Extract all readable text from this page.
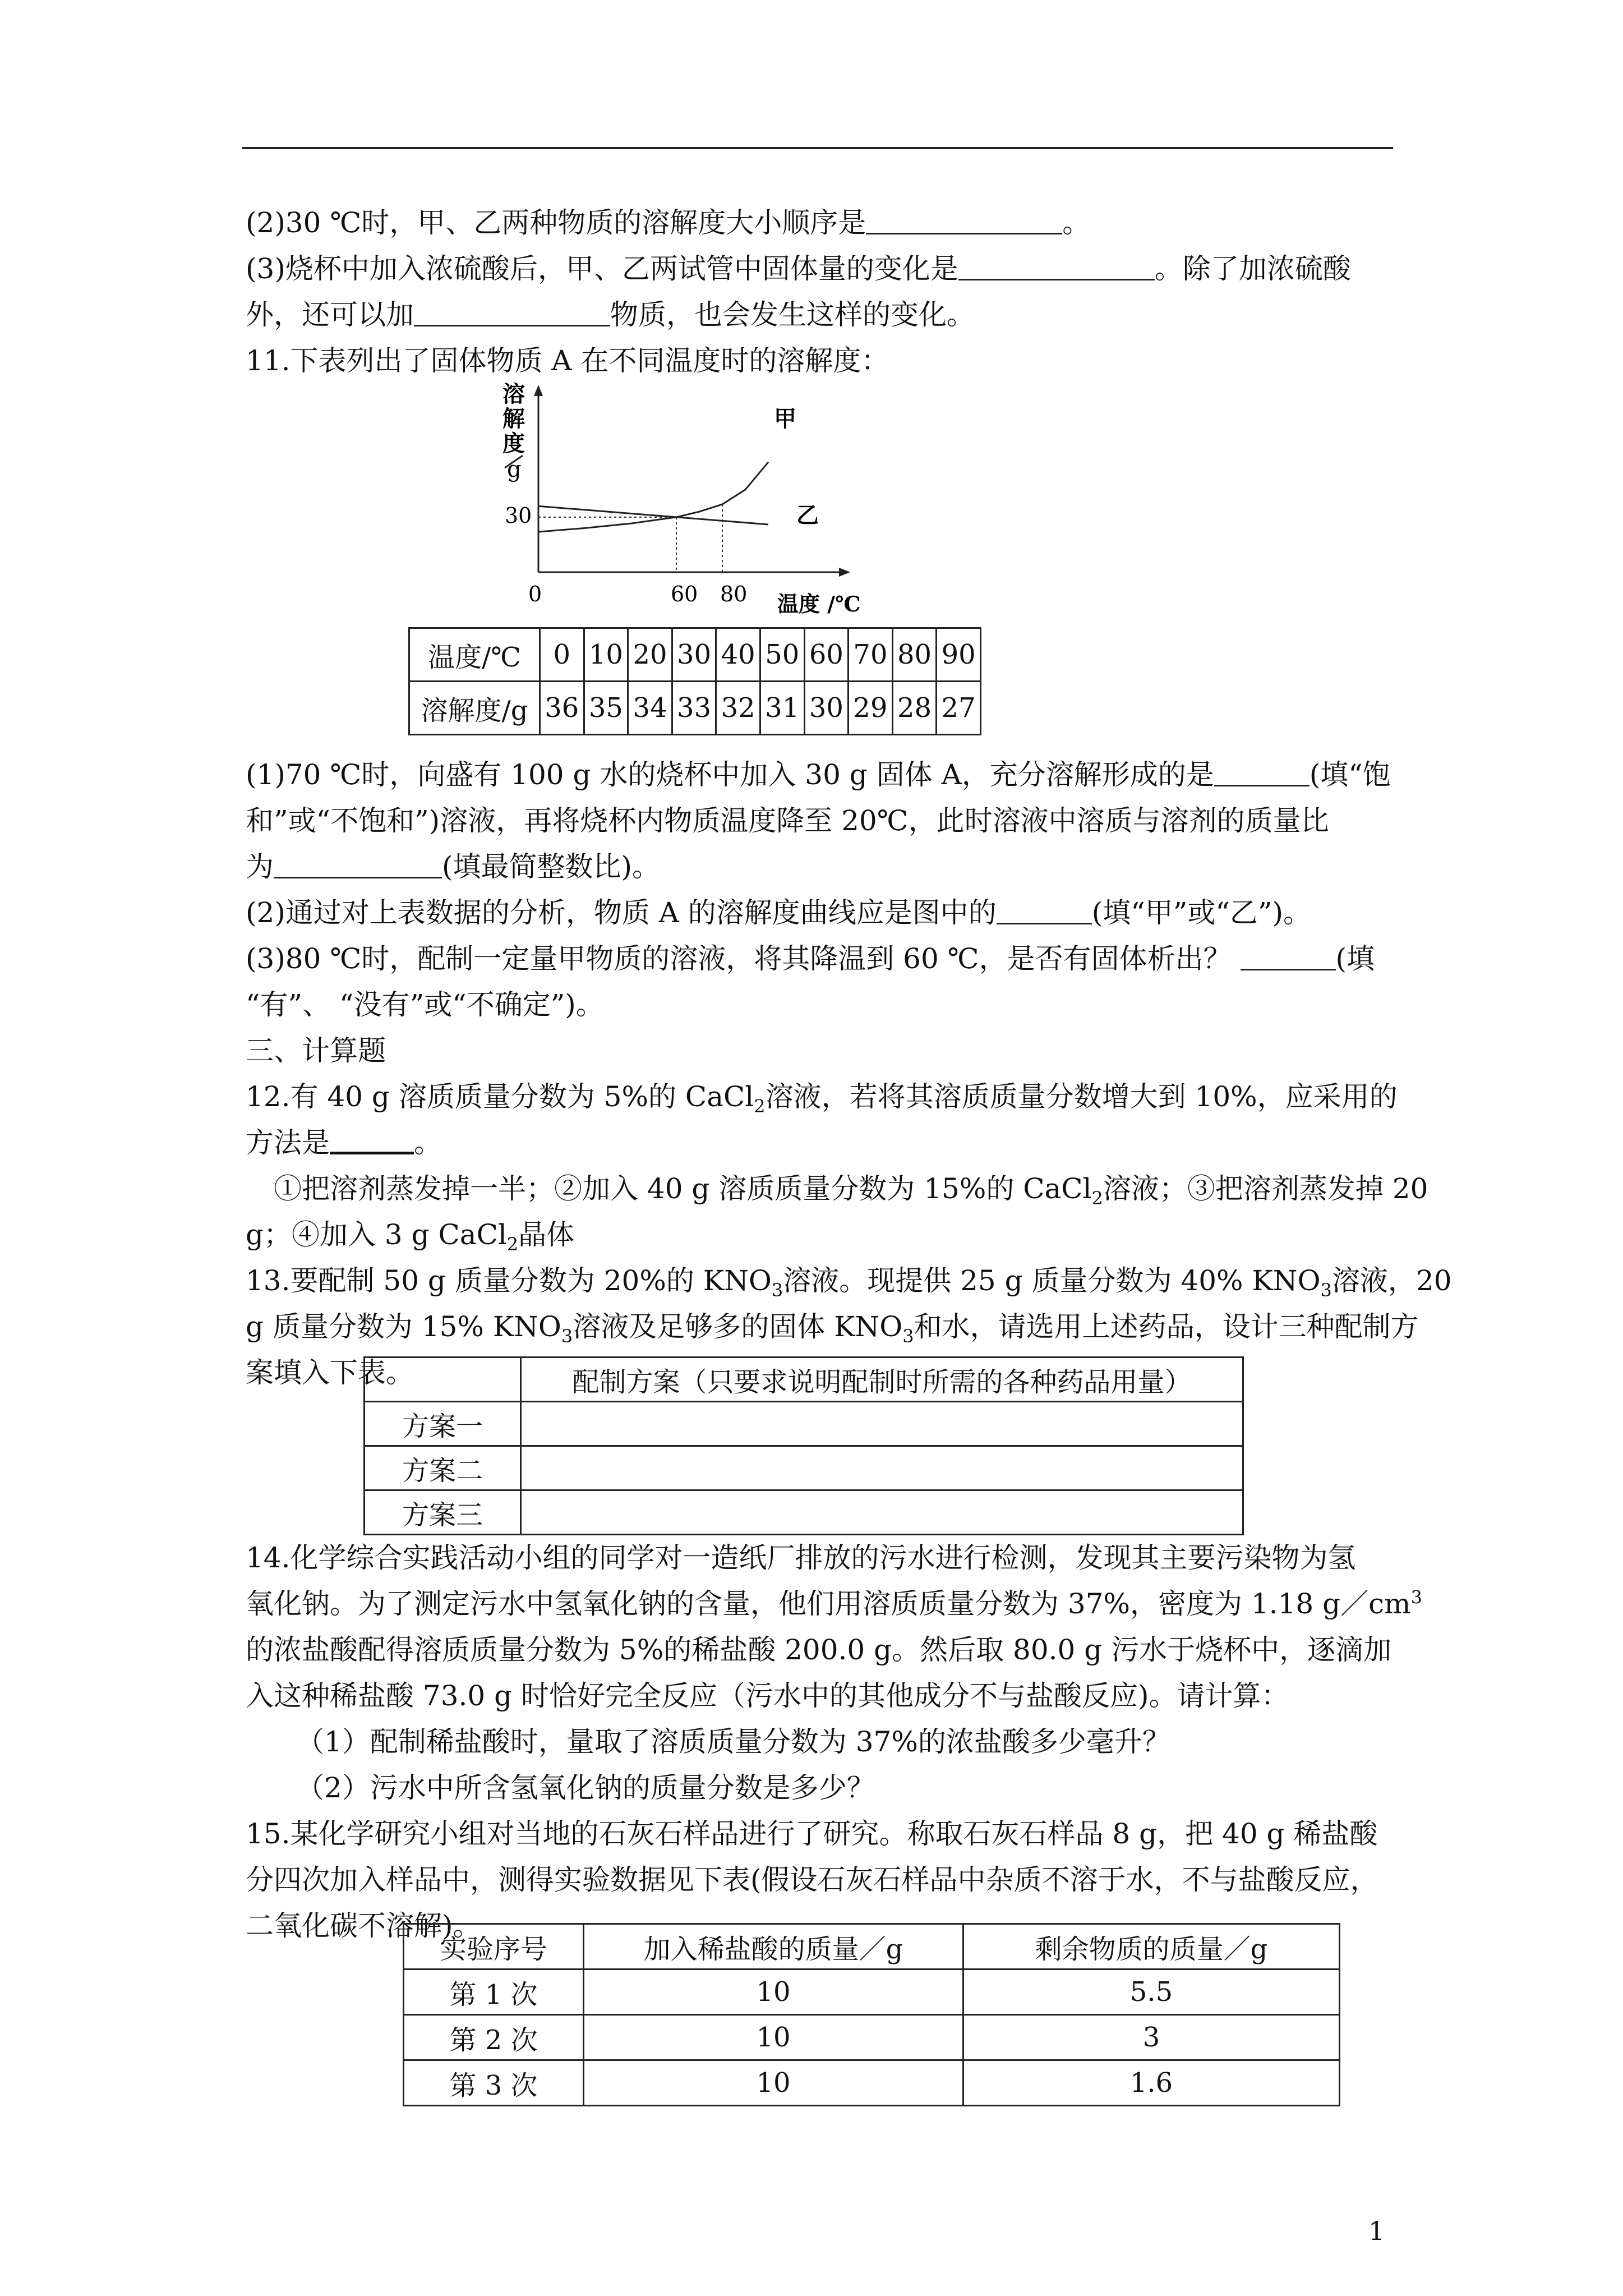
(2)30 ℃时，甲、乙两种物质的溶解度大小顺序是	。
(3)烧杯中加入浓硫酸后，甲、乙两试管中固体量的变化是	。除了加浓硫酸
外，还可以加	物质，也会发生这样的变化。
11.下表列出了固体物质 A 在不同温度时的溶解度：
溶
解
度
g
30
0	60 80 温度 /℃
甲
乙
温度/℃	0	10	20	30	40	50	60	70	80	90
溶解度/g	36	35	34	33	32	31	30	29	28	27
(1)70 ℃时，向盛有 100 g 水的烧杯中加入 30 g 固体 A，充分溶解形成的是	(填“饱
和”或“不饱和”)溶液，再将烧杯内物质温度降至 20℃，此时溶液中溶质与溶剂的质量比
为	(填最简整数比)。
(2)通过对上表数据的分析，物质 A 的溶解度曲线应是图中的	(填“甲”或“乙”)。
(3)80 ℃时，配制一定量甲物质的溶液，将其降温到 60 ℃，是否有固体析出？	(填
“有”、 “没有”或“不确定”)。
三、计算题
12.有 40 g 溶质质量分数为 5%的 CaCl$_2$溶液，若将其溶质质量分数增大到 10%，应采用的
方法是	。
①把溶剂蒸发掉一半；②加入 40 g 溶质质量分数为 15%的 CaCl$_2$溶液；③把溶剂蒸发掉 20
g；④加入 3 g CaCl$_2$晶体
13.要配制 50 g 质量分数为 20%的 $KNO_3$溶液。现提供 25 g 质量分数为 40% $KNO_3$溶液，20
g 质量分数为 15% $KNO_3$溶液及足够多的固体 $KNO_3$和水，请选用上述药品，设计三种配制方
案填入下表。
		配制方案（只要求说明配制时所需的各种药品用量）
方案一	
方案二	
方案三	
14.化学综合实践活动小组的同学对一造纸厂排放的污水进行检测，发现其主要污染物为氢
氧化钠。为了测定污水中氢氧化钠的含量，他们用溶质质量分数为 37%，密度为 1.18 $g/cm^3$
的浓盐酸配得溶质质量分数为 5%的稀盐酸 200.0 g。然后取 80.0 g 污水于烧杯中，逐滴加
入这种稀盐酸 73.0 g 时恰好完全反应（污水中的其他成分不与盐酸反应)。请计算：
（1）配制稀盐酸时，量取了溶质质量分数为 37%的浓盐酸多少毫升？
（2）污水中所含氢氧化钠的质量分数是多少？
15.某化学研究小组对当地的石灰石样品进行了研究。称取石灰石样品 8 g，把 40 g 稀盐酸
分四次加入样品中，测得实验数据见下表(假设石灰石样品中杂质不溶于水，不与盐酸反应，
二氧化碳不溶解)。
实验序号	加入稀盐酸的质量／g	剩余物质的质量／g
第 1 次	10	5.5
第 2 次	10	3
第 3 次	10	1.6
1
